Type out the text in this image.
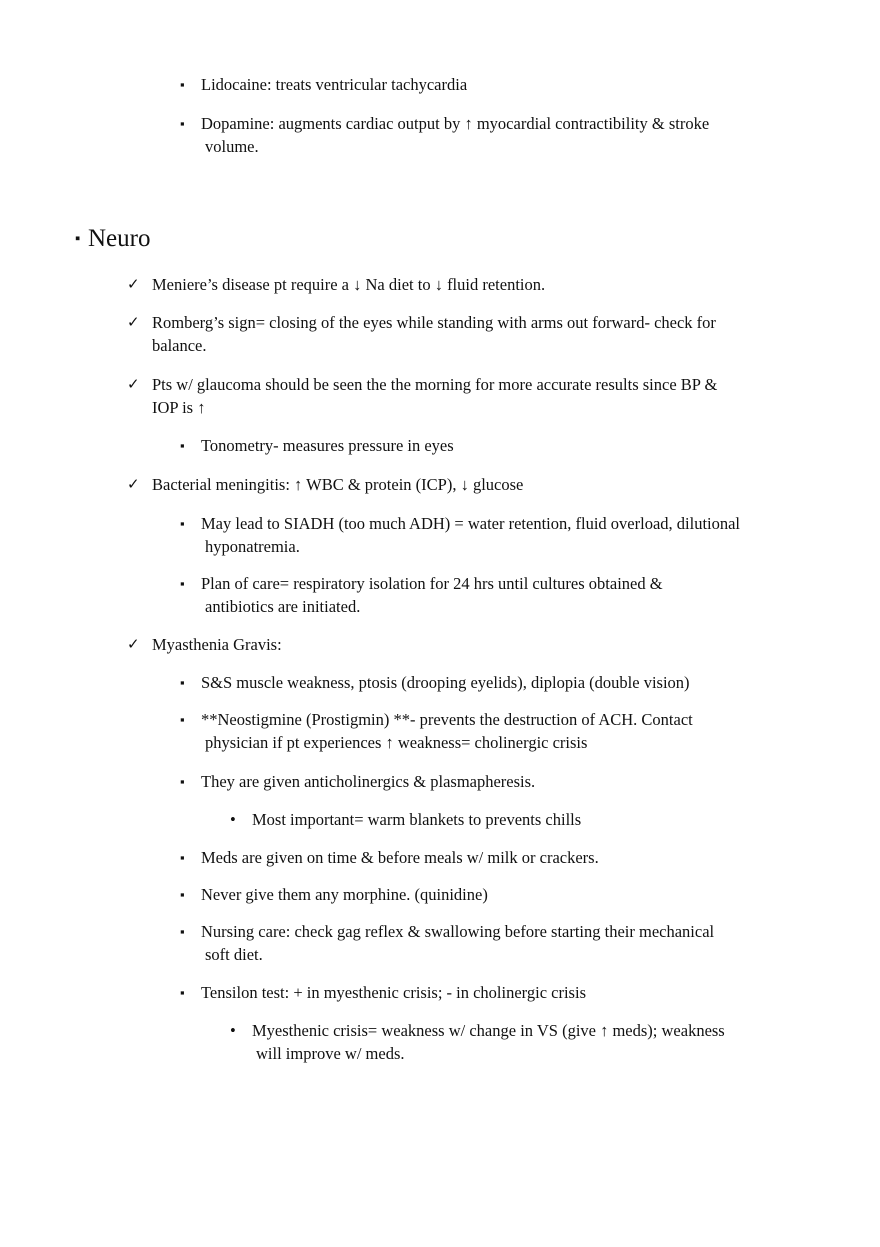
▪ Lidocaine: treats ventricular tachycardia
▪ Dopamine: augments cardiac output by ↑ myocardial contractibility & stroke
volume.
▪ Neuro
✓ Meniere’s disease pt require a ↓ Na diet to ↓ fluid retention.
✓ Romberg’s sign= closing of the eyes while standing with arms out forward- check for
balance.
✓ Pts w/ glaucoma should be seen the the morning for more accurate results since BP &
IOP is ↑
▪ Tonometry- measures pressure in eyes
✓ Bacterial meningitis: ↑ WBC & protein (ICP), ↓ glucose
▪ May lead to SIADH (too much ADH) = water retention, fluid overload, dilutional
hyponatremia.
▪ Plan of care= respiratory isolation for 24 hrs until cultures obtained &
antibiotics are initiated.
✓ Myasthenia Gravis:
▪ S&S muscle weakness, ptosis (drooping eyelids), diplopia (double vision)
▪ **Neostigmine (Prostigmin) **- prevents the destruction of ACH. Contact
physician if pt experiences ↑ weakness= cholinergic crisis
▪ They are given anticholinergics & plasmapheresis.
• Most important= warm blankets to prevents chills
▪ Meds are given on time & before meals w/ milk or crackers.
▪ Never give them any morphine. (quinidine)
▪ Nursing care: check gag reflex & swallowing before starting their mechanical
soft diet.
▪ Tensilon test: + in myesthenic crisis; - in cholinergic crisis
• Myesthenic crisis= weakness w/ change in VS (give ↑ meds); weakness
will improve w/ meds.
